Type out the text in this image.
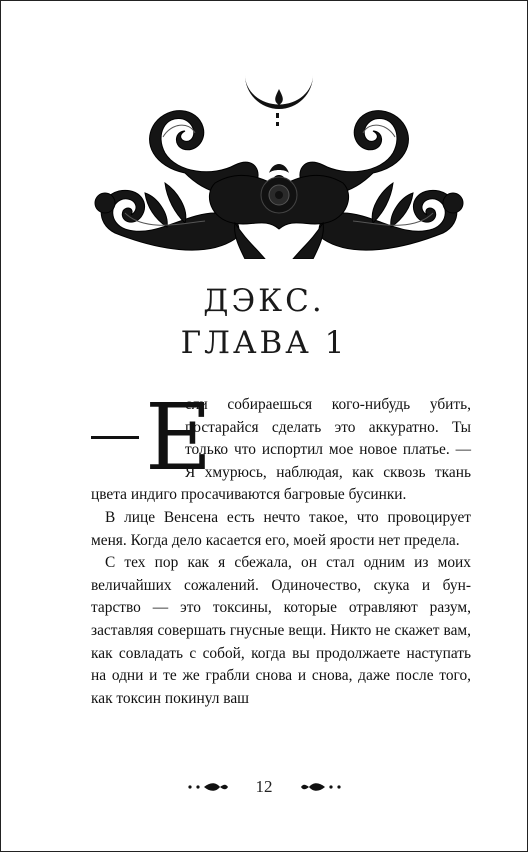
ДЭКС.
ГЛАВА 1

Е
сли собираешься кого-нибудь убить, постарайся сделать это аккуратно. Ты только что испортил мое новое платье. — Я хмурюсь, наблюдая, как сквозь ткань цвета индиго просачиваются багровые бусинки.

В лице Венсена есть нечто такое, что провоцирует меня. Когда дело касается его, моей ярости нет предела.

С тех пор как я сбежала, он стал одним из моих величайших сожалений. Одиночество, скука и бунтарство — это токсины, которые отравляют разум, заставляя совершать гнусные вещи. Никто не скажет вам, как совладать с собой, когда вы продолжаете наступать на одни и те же грабли снова и снова, даже после того, как токсин покинул ваш

12
